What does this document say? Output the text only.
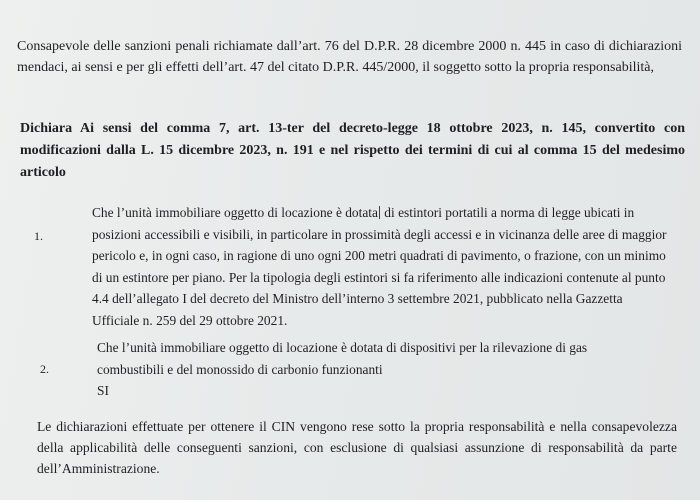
Consapevole delle sanzioni penali richiamate dall’art. 76 del D.P.R. 28 dicembre 2000 n. 445 in caso di dichiarazioni mendaci, ai sensi e per gli effetti dell’art. 47 del citato D.P.R. 445/2000, il soggetto sotto la propria responsabilità,

Dichiara Ai sensi del comma 7, art. 13-ter del decreto-legge 18 ottobre 2023, n. 145, convertito con modificazioni dalla L. 15 dicembre 2023, n. 191 e nel rispetto dei termini di cui al comma 15 del medesimo articolo

1.

Che l’unità immobiliare oggetto di locazione è dotata di estintori portatili a norma di legge ubicati in posizioni accessibili e visibili, in particolare in prossimità degli accessi e in vicinanza delle aree di maggior pericolo e, in ogni caso, in ragione di uno ogni 200 metri quadrati di pavimento, o frazione, con un minimo di un estintore per piano. Per la tipologia degli estintori si fa riferimento alle indicazioni contenute al punto 4.4 dell’allegato I del decreto del Ministro dell’interno 3 settembre 2021, pubblicato nella Gazzetta Ufficiale n. 259 del 29 ottobre 2021.

2.
Che l’unità immobiliare oggetto di locazione è dotata di dispositivi per la rilevazione di gas combustibili e del monossido di carbonio funzionanti
SI

Le dichiarazioni effettuate per ottenere il CIN vengono rese sotto la propria responsabilità e nella consapevolezza della applicabilità delle conseguenti sanzioni, con esclusione di qualsiasi assunzione di responsabilità da parte dell’Amministrazione.
